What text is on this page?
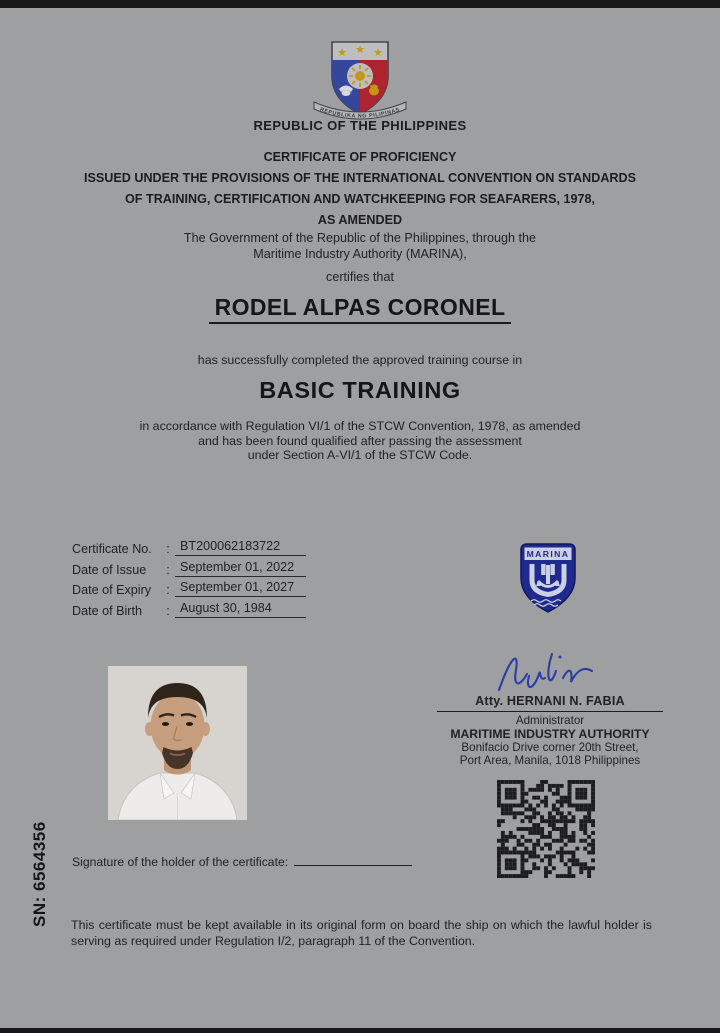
★ ★ ★
REPUBLIKA NG PILIPINAS
REPUBLIC OF THE PHILIPPINES
CERTIFICATE OF PROFICIENCY
ISSUED UNDER THE PROVISIONS OF THE INTERNATIONAL CONVENTION ON STANDARDS
OF TRAINING, CERTIFICATION AND WATCHKEEPING FOR SEAFARERS, 1978,
AS AMENDED
The Government of the Republic of the Philippines, through the
Maritime Industry Authority (MARINA),
certifies that
RODEL ALPAS CORONEL
has successfully completed the approved training course in
BASIC TRAINING
in accordance with Regulation VI/1 of the STCW Convention, 1978, as amended
and has been found qualified after passing the assessment
under Section A-VI/1 of the STCW Code.
Certificate No.	: BT200062183722
Date of Issue	: September 01, 2022
Date of Expiry	: September 01, 2027
Date of Birth	: August 30, 1984
MARINA
Atty. HERNANI N. FABIA
Administrator
MARITIME INDUSTRY AUTHORITY
Bonifacio Drive corner 20th Street,
Port Area, Manila, 1018 Philippines
Signature of the holder of the certificate:
SN: 6564356 This certificate must be kept available in its original form on board the ship on which the lawful holder is
serving as required under Regulation I/2, paragraph 11 of the Convention.
